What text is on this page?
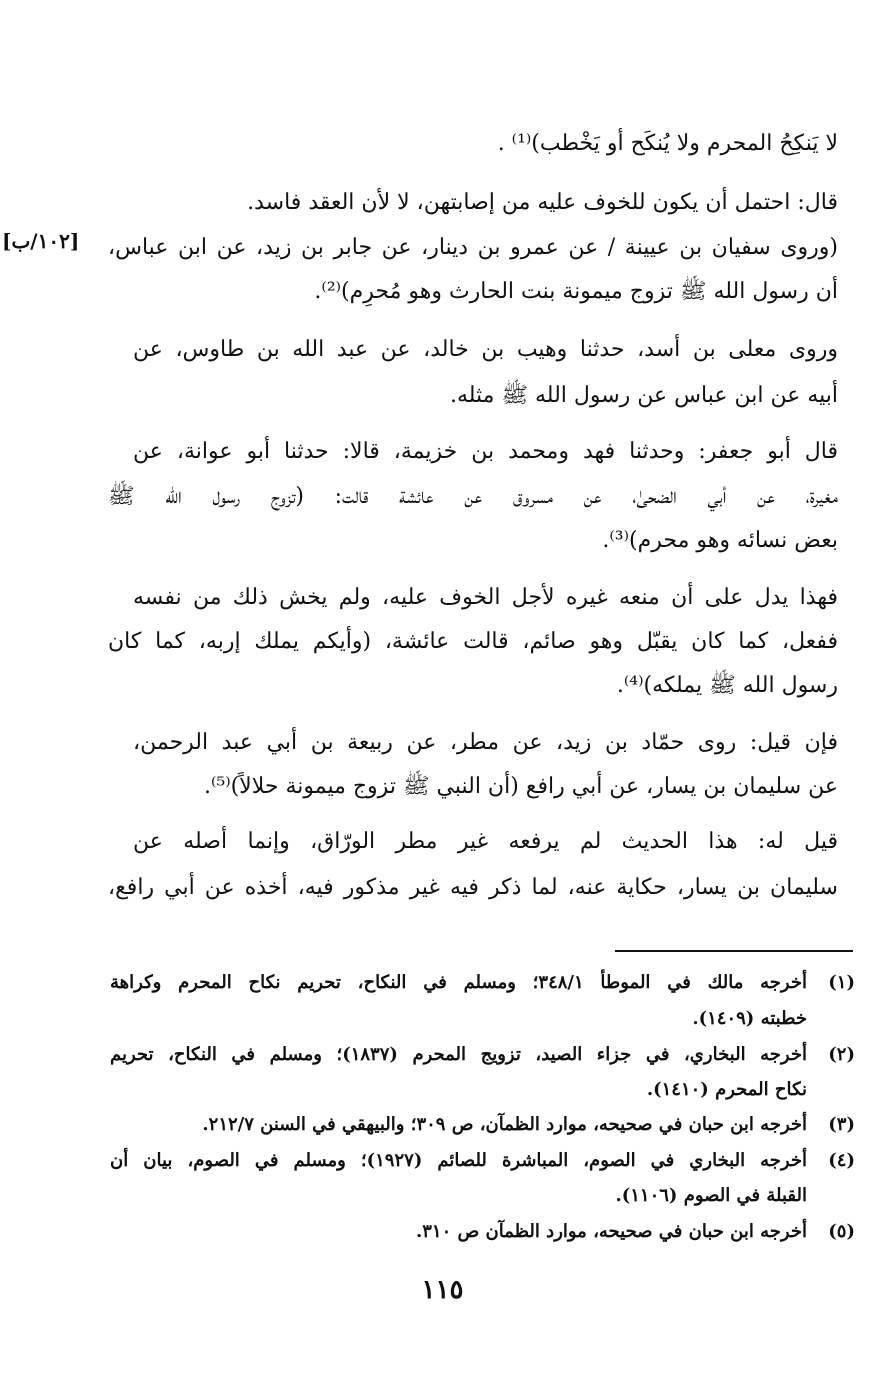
[١٠٢/ب]
لا يَنكِحُ المحرم ولا يُنكَح أو يَخْطب)⁽¹⁾ .
قال: احتمل أن يكون للخوف عليه من إصابتهن، لا لأن العقد فاسد.
(وروى سفيان بن عيينة / عن عمرو بن دينار، عن جابر بن زيد، عن ابن عباس،
أن رسول الله ﷺ تزوج ميمونة بنت الحارث وهو مُحرِم)⁽²⁾.
وروى معلى بن أسد، حدثنا وهيب بن خالد، عن عبد الله بن طاوس، عن
أبيه عن ابن عباس عن رسول الله ﷺ مثله.
قال أبو جعفر: وحدثنا فهد ومحمد بن خزيمة، قالا: حدثنا أبو عوانة، عن
مغيرة، عن أبي الضحىٰ، عن مسروق عن عائشة قالت: (تزوج رسول الله ﷺ
بعض نسائه وهو محرم)⁽³⁾.
فهذا يدل على أن منعه غيره لأجل الخوف عليه، ولم يخش ذلك من نفسه
ففعل، كما كان يقبّل وهو صائم، قالت عائشة، (وأيكم يملك إربه، كما كان
رسول الله ﷺ يملكه)⁽⁴⁾.
فإن قيل: روى حمّاد بن زيد، عن مطر، عن ربيعة بن أبي عبد الرحمن،
عن سليمان بن يسار، عن أبي رافع (أن النبي ﷺ تزوج ميمونة حلالاً)⁽⁵⁾.
قيل له: هذا الحديث لم يرفعه غير مطر الورّاق، وإنما أصله عن
سليمان بن يسار، حكاية عنه، لما ذكر فيه غير مذكور فيه، أخذه عن أبي رافع،
(١)
أخرجه مالك في الموطأ ٣٤٨/١؛ ومسلم في النكاح، تحريم نكاح المحرم وكراهة
خطبته (١٤٠٩).
(٢)
أخرجه البخاري، في جزاء الصيد، تزويج المحرم (١٨٣٧)؛ ومسلم في النكاح، تحريم
نكاح المحرم (١٤١٠).
(٣)
أخرجه ابن حبان في صحيحه، موارد الظمآن، ص ٣٠٩؛ والبيهقي في السنن ٢١٢/٧.
(٤)
أخرجه البخاري في الصوم، المباشرة للصائم (١٩٢٧)؛ ومسلم في الصوم، بيان أن
القبلة في الصوم (١١٠٦).
(٥)
أخرجه ابن حبان في صحيحه، موارد الظمآن ص ٣١٠.
١١٥
